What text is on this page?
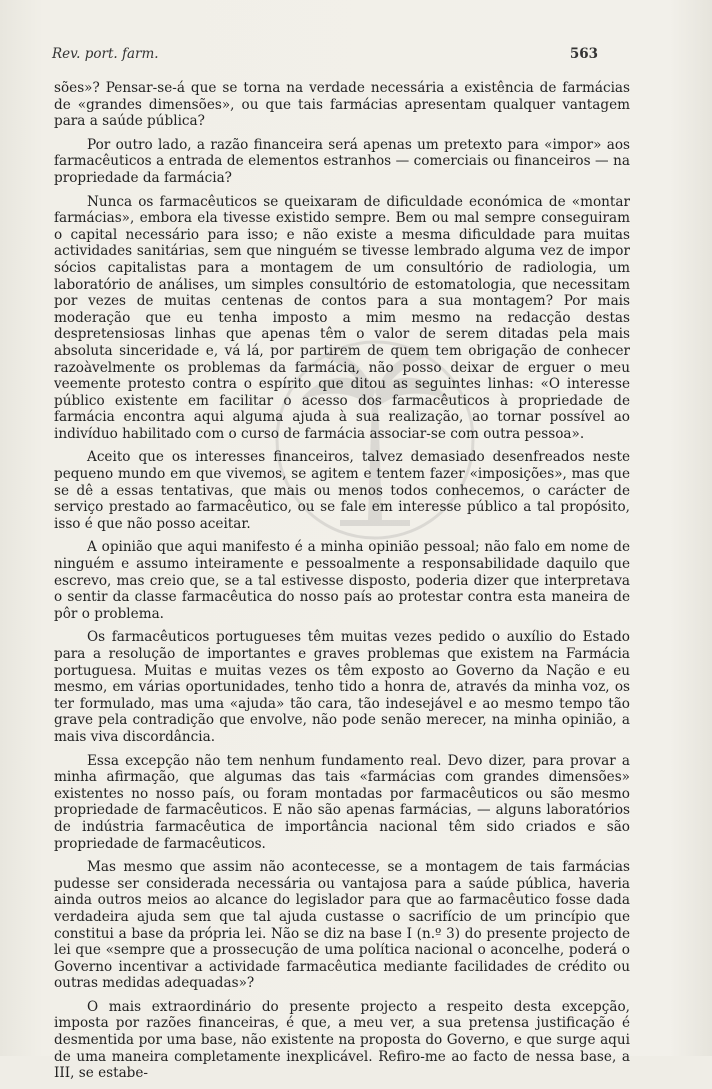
Rev. port. farm.	563

sões»? Pensar-se-á que se torna na verdade necessária a existência de farmácias de «grandes dimensões», ou que tais farmácias apresentam qualquer vantagem para a saúde pública?

Por outro lado, a razão financeira será apenas um pretexto para «impor» aos farmacêuticos a entrada de elementos estranhos — comerciais ou financeiros — na propriedade da farmácia?

Nunca os farmacêuticos se queixaram de dificuldade económica de «montar farmácias», embora ela tivesse existido sempre. Bem ou mal sempre conseguiram o capital necessário para isso; e não existe a mesma dificuldade para muitas actividades sanitárias, sem que ninguém se tivesse lembrado alguma vez de impor sócios capitalistas para a montagem de um consultório de radiologia, um laboratório de análises, um simples consultório de estomatologia, que necessitam por vezes de muitas centenas de contos para a sua montagem? Por mais moderação que eu tenha imposto a mim mesmo na redacção destas despretensiosas linhas que apenas têm o valor de serem ditadas pela mais absoluta sinceridade e, vá lá, por partirem de quem tem obrigação de conhecer razoàvelmente os problemas da farmácia, não posso deixar de erguer o meu veemente protesto contra o espírito que ditou as seguintes linhas: «O interesse público existente em facilitar o acesso dos farmacêuticos à propriedade de farmácia encontra aqui alguma ajuda à sua realização, ao tornar possível ao indivíduo habilitado com o curso de farmácia associar-se com outra pessoa».

Aceito que os interesses financeiros, talvez demasiado desenfreados neste pequeno mundo em que vivemos, se agitem e tentem fazer «imposições», mas que se dê a essas tentativas, que mais ou menos todos conhecemos, o carácter de serviço prestado ao farmacêutico, ou se fale em interesse público a tal propósito, isso é que não posso aceitar.

A opinião que aqui manifesto é a minha opinião pessoal; não falo em nome de ninguém e assumo inteiramente e pessoalmente a responsabilidade daquilo que escrevo, mas creio que, se a tal estivesse disposto, poderia dizer que interpretava o sentir da classe farmacêutica do nosso país ao protestar contra esta maneira de pôr o problema.

Os farmacêuticos portugueses têm muitas vezes pedido o auxílio do Estado para a resolução de importantes e graves problemas que existem na Farmácia portuguesa. Muitas e muitas vezes os têm exposto ao Governo da Nação e eu mesmo, em várias oportunidades, tenho tido a honra de, através da minha voz, os ter formulado, mas uma «ajuda» tão cara, tão indesejável e ao mesmo tempo tão grave pela contradição que envolve, não pode senão merecer, na minha opinião, a mais viva discordância.

Essa excepção não tem nenhum fundamento real. Devo dizer, para provar a minha afirmação, que algumas das tais «farmácias com grandes dimensões» existentes no nosso país, ou foram montadas por farmacêuticos ou são mesmo propriedade de farmacêuticos. E não são apenas farmácias, — alguns laboratórios de indústria farmacêutica de importância nacional têm sido criados e são propriedade de farmacêuticos.

Mas mesmo que assim não acontecesse, se a montagem de tais farmácias pudesse ser considerada necessária ou vantajosa para a saúde pública, haveria ainda outros meios ao alcance do legislador para que ao farmacêutico fosse dada verdadeira ajuda sem que tal ajuda custasse o sacrifício de um princípio que constitui a base da própria lei. Não se diz na base I (n.º 3) do presente projecto de lei que «sempre que a prossecução de uma política nacional o aconcelhe, poderá o Governo incentivar a actividade farmacêutica mediante facilidades de crédito ou outras medidas adequadas»?

O mais extraordinário do presente projecto a respeito desta excepção, imposta por razões financeiras, é que, a meu ver, a sua pretensa justificação é desmentida por uma base, não existente na proposta do Governo, e que surge aqui de uma maneira completamente inexplicável. Refiro-me ao facto de nessa base, a III, se estabe-
